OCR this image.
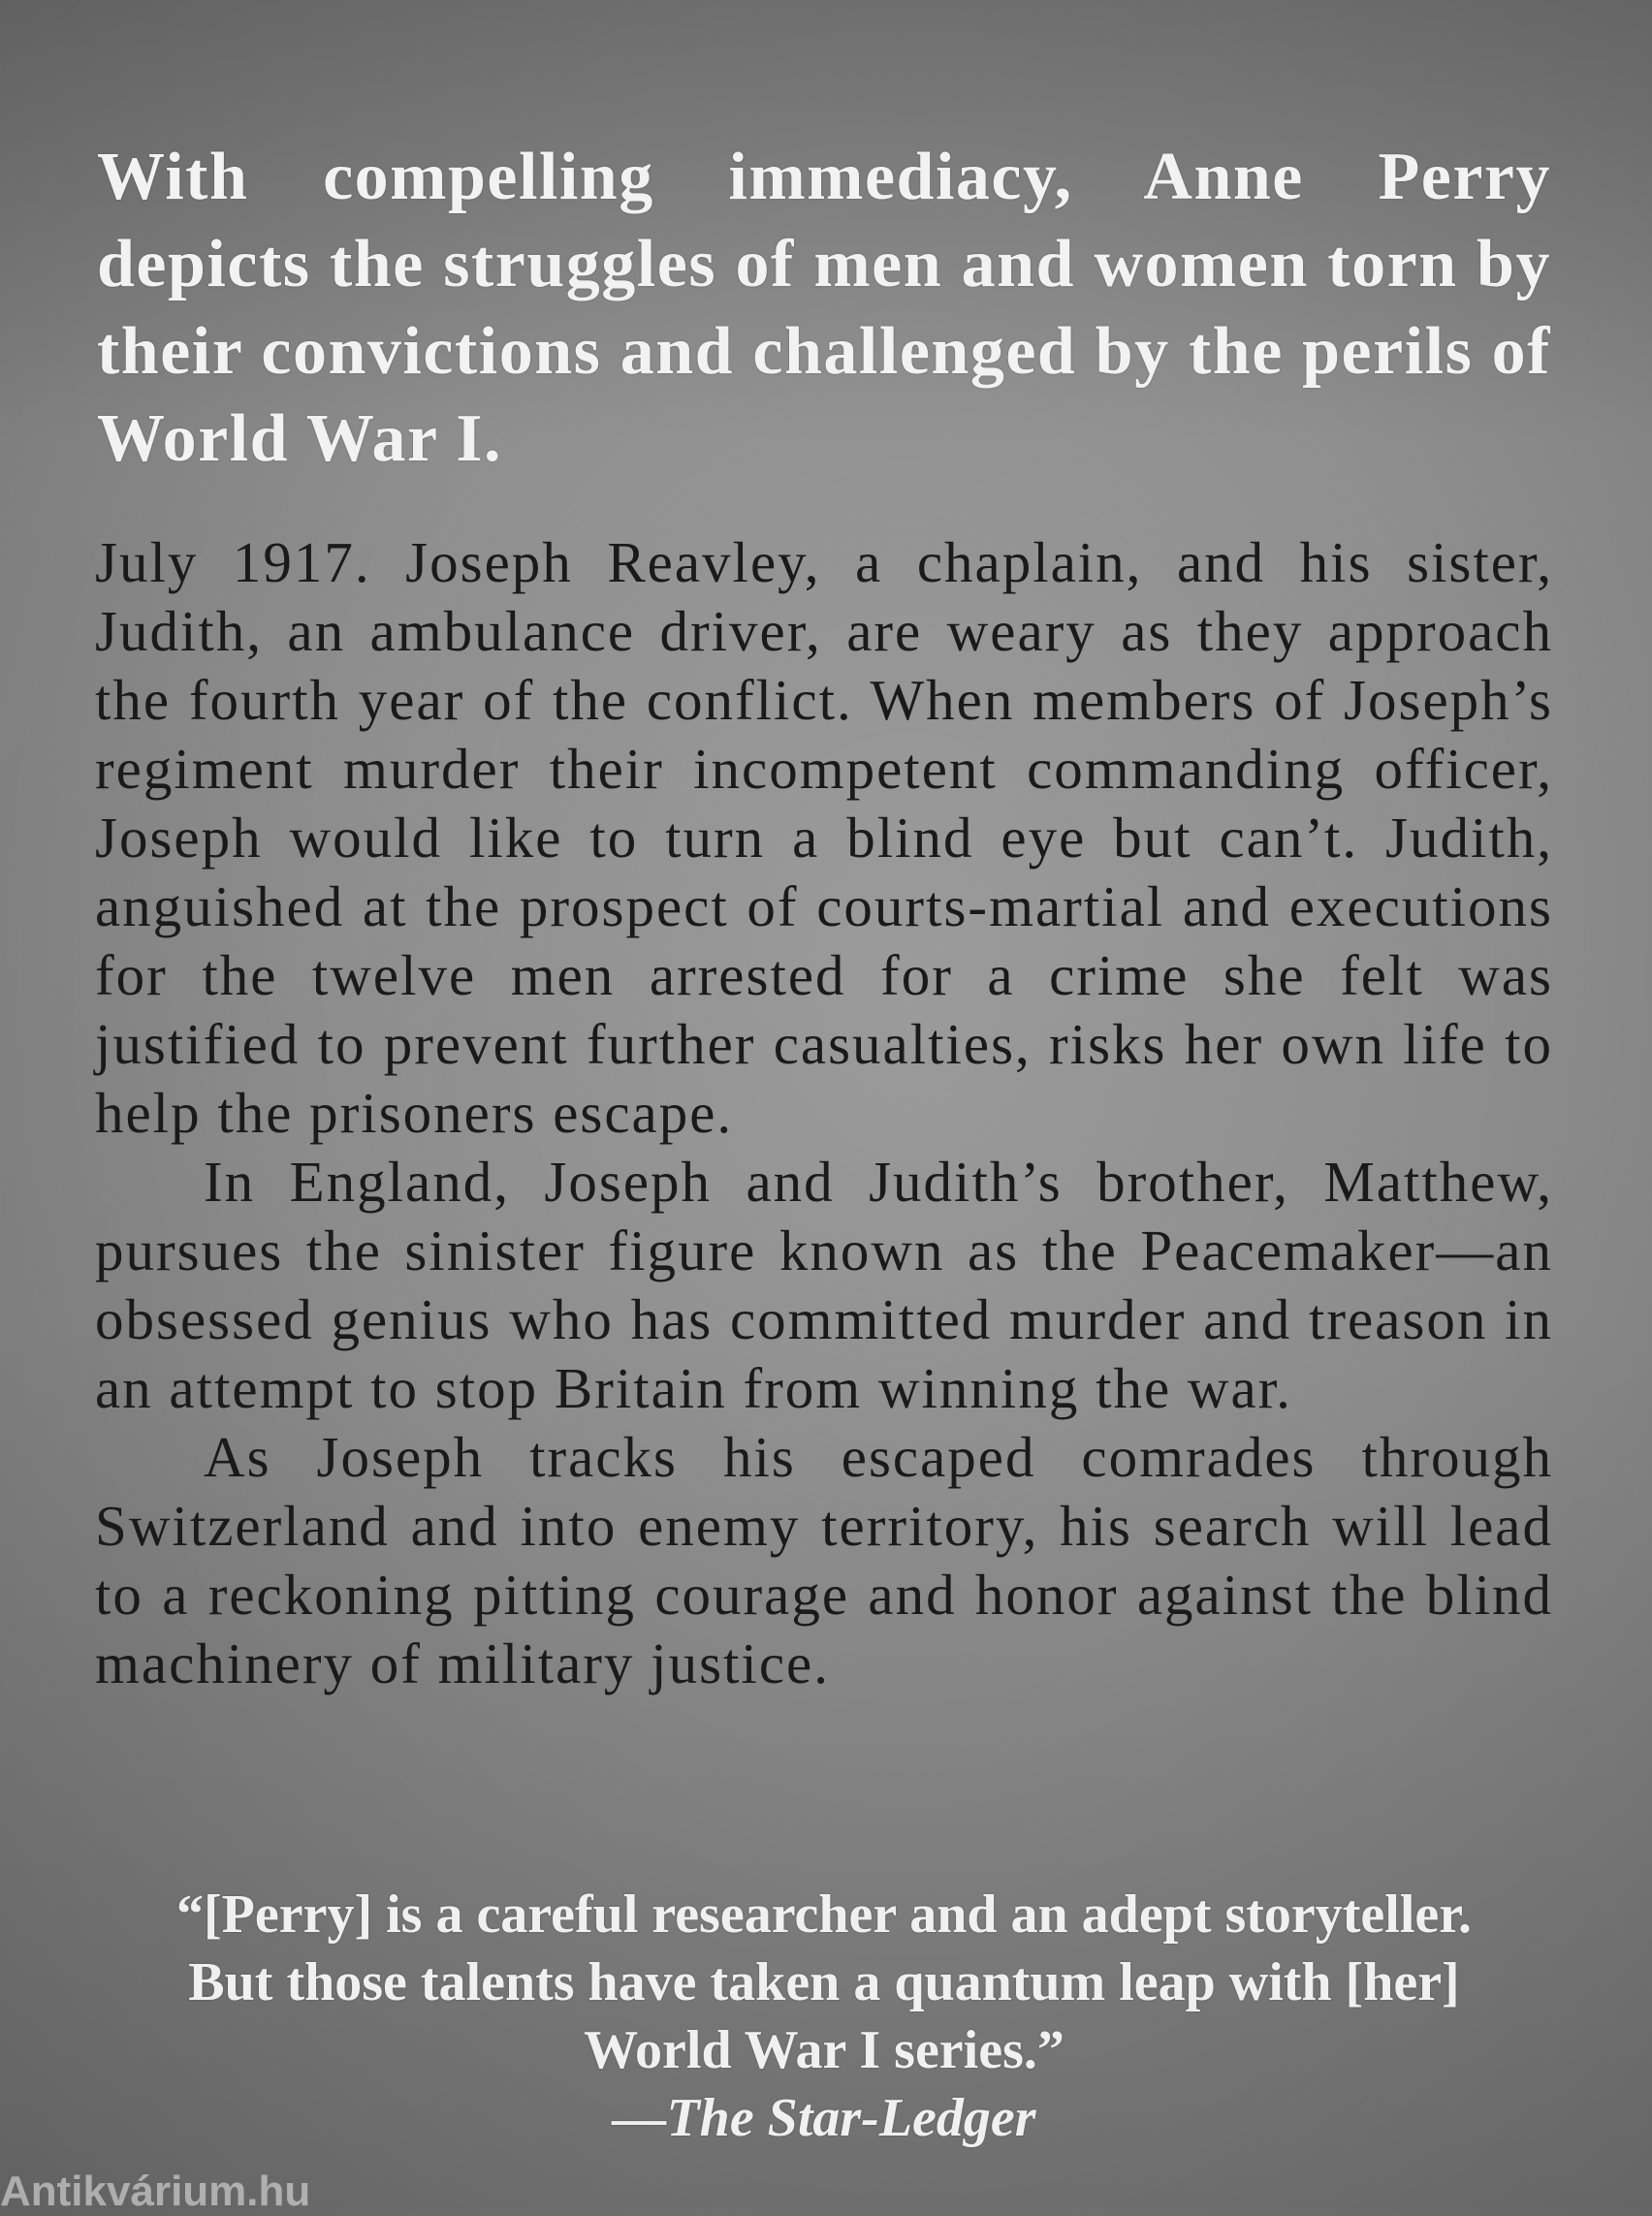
With compelling immediacy, Anne Perry depicts the struggles of men and women torn by their convictions and challenged by the perils of World War I.

July 1917. Joseph Reavley, a chaplain, and his sister, Judith, an ambulance driver, are weary as they approach the fourth year of the conflict. When members of Joseph’s regiment murder their incompetent commanding officer, Joseph would like to turn a blind eye but can’t. Judith, anguished at the prospect of courts-martial and executions for the twelve men arrested for a crime she felt was justified to prevent further casualties, risks her own life to help the prisoners escape.

In England, Joseph and Judith’s brother, Matthew, pursues the sinister figure known as the Peacemaker—an obsessed genius who has committed murder and treason in an attempt to stop Britain from winning the war.

As Joseph tracks his escaped comrades through Switzerland and into enemy territory, his search will lead to a reckoning pitting courage and honor against the blind machinery of military justice.

“[Perry] is a careful researcher and an adept storyteller. But those talents have taken a quantum leap with [her] World War I series.”
—The Star-Ledger
Antikvárium.hu
